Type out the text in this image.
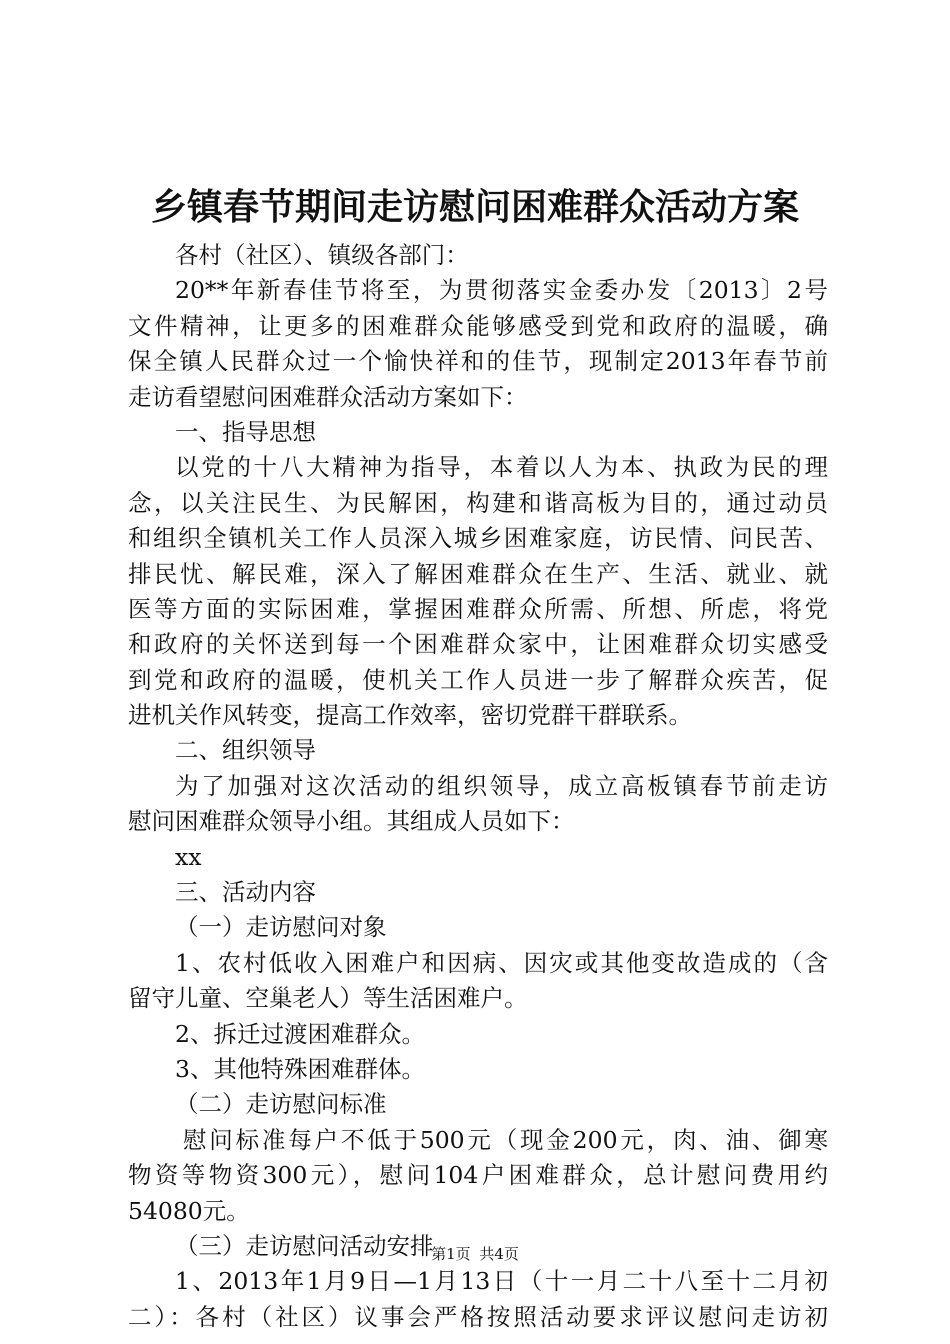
乡镇春节期间走访慰问困难群众活动方案
各村（社区）、镇级各部门：
20**年新春佳节将至，为贯彻落实金委办发〔2013〕2号
文件精神，让更多的困难群众能够感受到党和政府的温暖，确
保全镇人民群众过一个愉快祥和的佳节，现制定2013年春节前
走访看望慰问困难群众活动方案如下：
一、指导思想
以党的十八大精神为指导，本着以人为本、执政为民的理
念，以关注民生、为民解困，构建和谐高板为目的，通过动员
和组织全镇机关工作人员深入城乡困难家庭，访民情、问民苦、
排民忧、解民难，深入了解困难群众在生产、生活、就业、就
医等方面的实际困难，掌握困难群众所需、所想、所虑，将党
和政府的关怀送到每一个困难群众家中，让困难群众切实感受
到党和政府的温暖，使机关工作人员进一步了解群众疾苦，促
进机关作风转变，提高工作效率，密切党群干群联系。
二、组织领导
为了加强对这次活动的组织领导，成立高板镇春节前走访
慰问困难群众领导小组。其组成人员如下：
xx
三、活动内容
（一）走访慰问对象
1、农村低收入困难户和因病、因灾或其他变故造成的（含
留守儿童、空巢老人）等生活困难户。
2、拆迁过渡困难群众。
3、其他特殊困难群体。
（二）走访慰问标准
慰问标准每户不低于500元（现金200元，肉、油、御寒
物资等物资300元），慰问104户困难群众，总计慰问费用约
54080元。
（三）走访慰问活动安排
1、2013年1月9日—1月13日（十一月二十八至十二月初
二）：各村（社区）议事会严格按照活动要求评议慰问走访初
第1页 共4页
